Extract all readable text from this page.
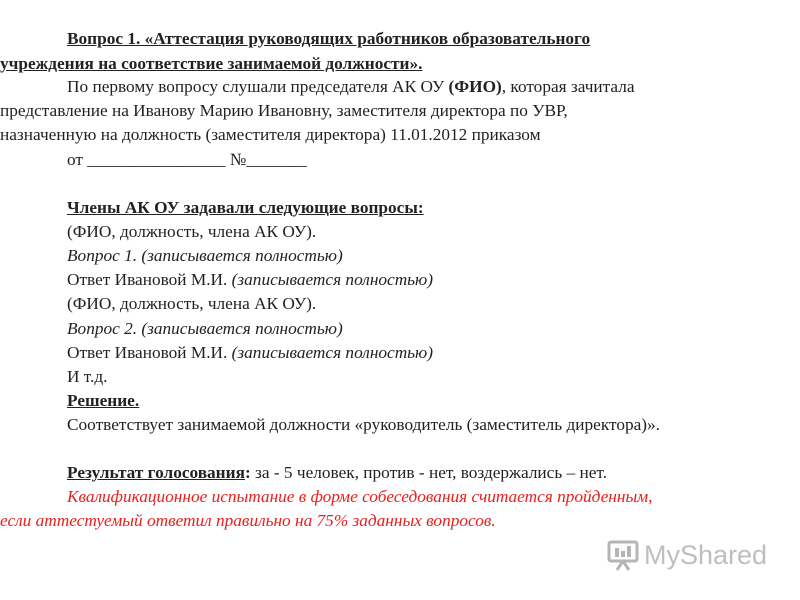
Вопрос 1. «Аттестация руководящих работников образовательного
учреждения на соответствие занимаемой должности».
По первому вопросу слушали председателя АК ОУ (ФИО), которая зачитала
представление на Иванову Марию Ивановну, заместителя директора по УВР,
назначенную на должность (заместителя директора) 11.01.2012 приказом
от ________________ №_______
Члены АК ОУ задавали следующие вопросы:
(ФИО, должность, члена АК ОУ).
Вопрос 1. (записывается полностью)
Ответ Ивановой М.И. (записывается полностью)
(ФИО, должность, члена АК ОУ).
Вопрос 2. (записывается полностью)
Ответ Ивановой М.И. (записывается полностью)
И т.д.
Решение.
Соответствует занимаемой должности «руководитель (заместитель директора)».
Результат голосования: за - 5 человек, против - нет, воздержались – нет.
Квалификационное испытание в форме собеседования считается пройденным,
если аттестуемый ответил правильно на 75% заданных вопросов.
MyShared
